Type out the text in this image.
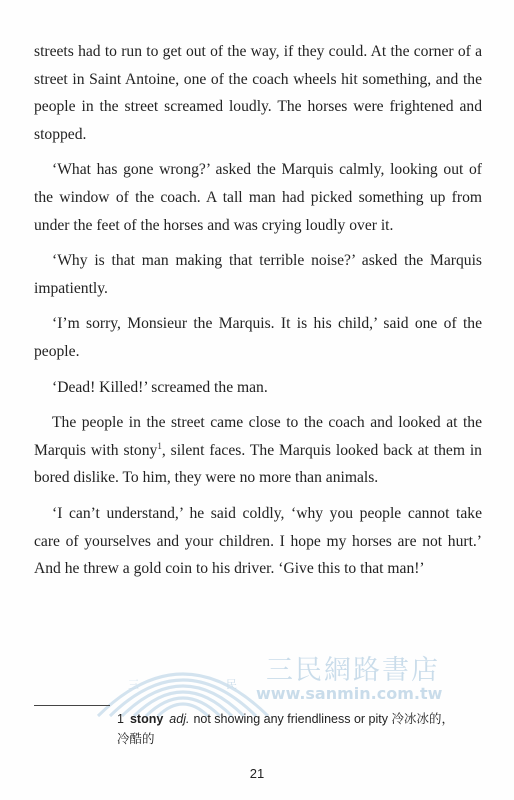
streets had to run to get out of the way, if they could. At the corner of a street in Saint Antoine, one of the coach wheels hit something, and the people in the street screamed loudly. The horses were frightened and stopped.

‘What has gone wrong?’ asked the Marquis calmly, looking out of the window of the coach. A tall man had picked something up from under the feet of the horses and was crying loudly over it.

‘Why is that man making that terrible noise?’ asked the Marquis impatiently.

‘I’m sorry, Monsieur the Marquis. It is his child,’ said one of the people.

‘Dead! Killed!’ screamed the man.

The people in the street came close to the coach and looked at the Marquis with stony$^1$, silent faces. The Marquis looked back at them in bored dislike. To him, they were no more than animals.

‘I can’t understand,’ he said coldly, ‘why you people cannot take care of yourselves and your children. I hope my horses are not hurt.’ And he threw a gold coin to his driver. ‘Give this to that man!’

三	民 三民網路書店
www.sanmin.com.tw
1 stony adj. not showing any friendliness or pity 冷冰冰的，冷酷的
21
